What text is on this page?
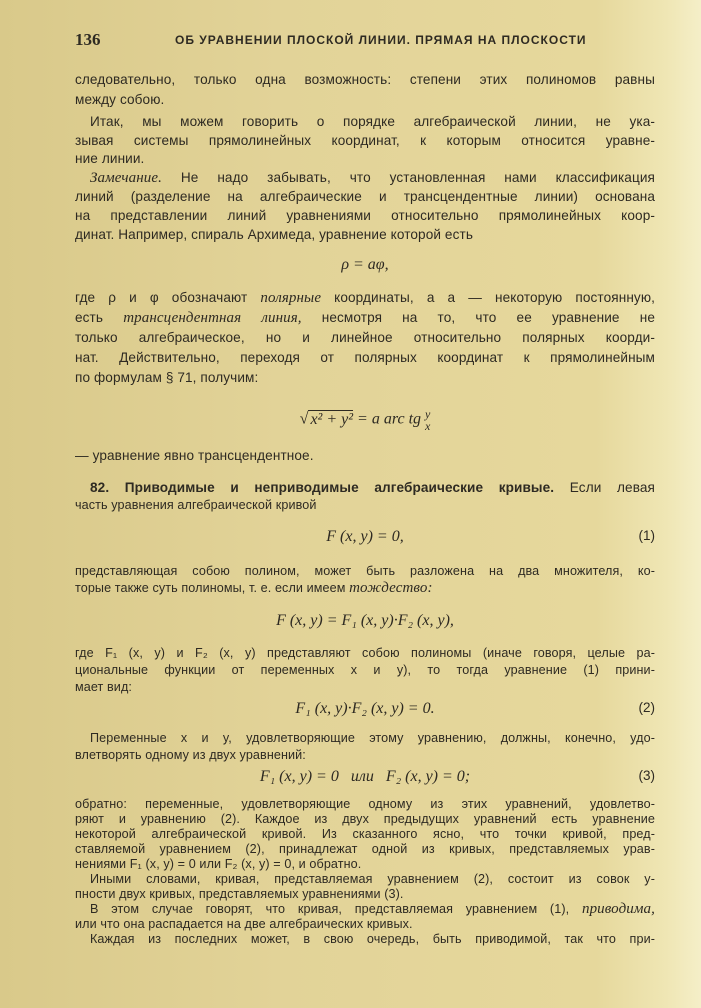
136	ОБ УРАВНЕНИИ ПЛОСКОЙ ЛИНИИ. ПРЯМАЯ НА ПЛОСКОСТИ
следовательно, только одна возможность: степени этих полиномов равны
между собою.
Итак, мы можем говорить о порядке алгебраической линии, не ука-
зывая системы прямолинейных координат, к которым относится уравне-
ние линии.
Замечание. Не надо забывать, что установленная нами классификация
линий (разделение на алгебраические и трансцендентные линии) основана
на представлении линий уравнениями относительно прямолинейных коор-
динат. Например, спираль Архимеда, уравнение которой есть
ρ = aφ,
где ρ и φ обозначают полярные координаты, а a — некоторую постоянную,
есть трансцендентная линия, несмотря на то, что ее уравнение не
только алгебраическое, но и линейное относительно полярных коорди-
нат. Действительно, переходя от полярных координат к прямолинейным
по формулам § 71, получим:
√ x² + y² = a arc tg y
x
— уравнение явно трансцендентное.
82. Приводимые и неприводимые алгебраические кривые. Если левая
часть уравнения алгебраической кривой
F (x, y) = 0,	(1)
представляющая собою полином, может быть разложена на два множителя, ко-
торые также суть полиномы, т. е. если имеем тождество:
F (x, y) = F₁ (x, y)·F₂ (x, y),
где F₁ (x, y) и F₂ (x, y) представляют собою полиномы (иначе говоря, целые ра-
циональные функции от переменных x и y), то тогда уравнение (1) прини-
мает вид:
F₁ (x, y)·F₂ (x, y) = 0.	(2)
Переменные x и y, удовлетворяющие этому уравнению, должны, конечно, удо-
влетворять одному из двух уравнений:
F₁ (x, y) = 0   или   F₂ (x, y) = 0;	(3)
обратно: переменные, удовлетворяющие одному из этих уравнений, удовлетво-
ряют и уравнению (2). Каждое из двух предыдущих уравнений есть уравнение
некоторой алгебраической кривой. Из сказанного ясно, что точки кривой, пред-
ставляемой уравнением (2), принадлежат одной из кривых, представляемых урав-
нениями F₁ (x, y) = 0 или F₂ (x, y) = 0, и обратно.
Иными словами, кривая, представляемая уравнением (2), состоит из совок у-
пности двух кривых, представляемых уравнениями (3).
В этом случае говорят, что кривая, представляемая уравнением (1), приводима,
или что она распадается на две алгебраических кривых.
Каждая из последних может, в свою очередь, быть приводимой, так что при-
